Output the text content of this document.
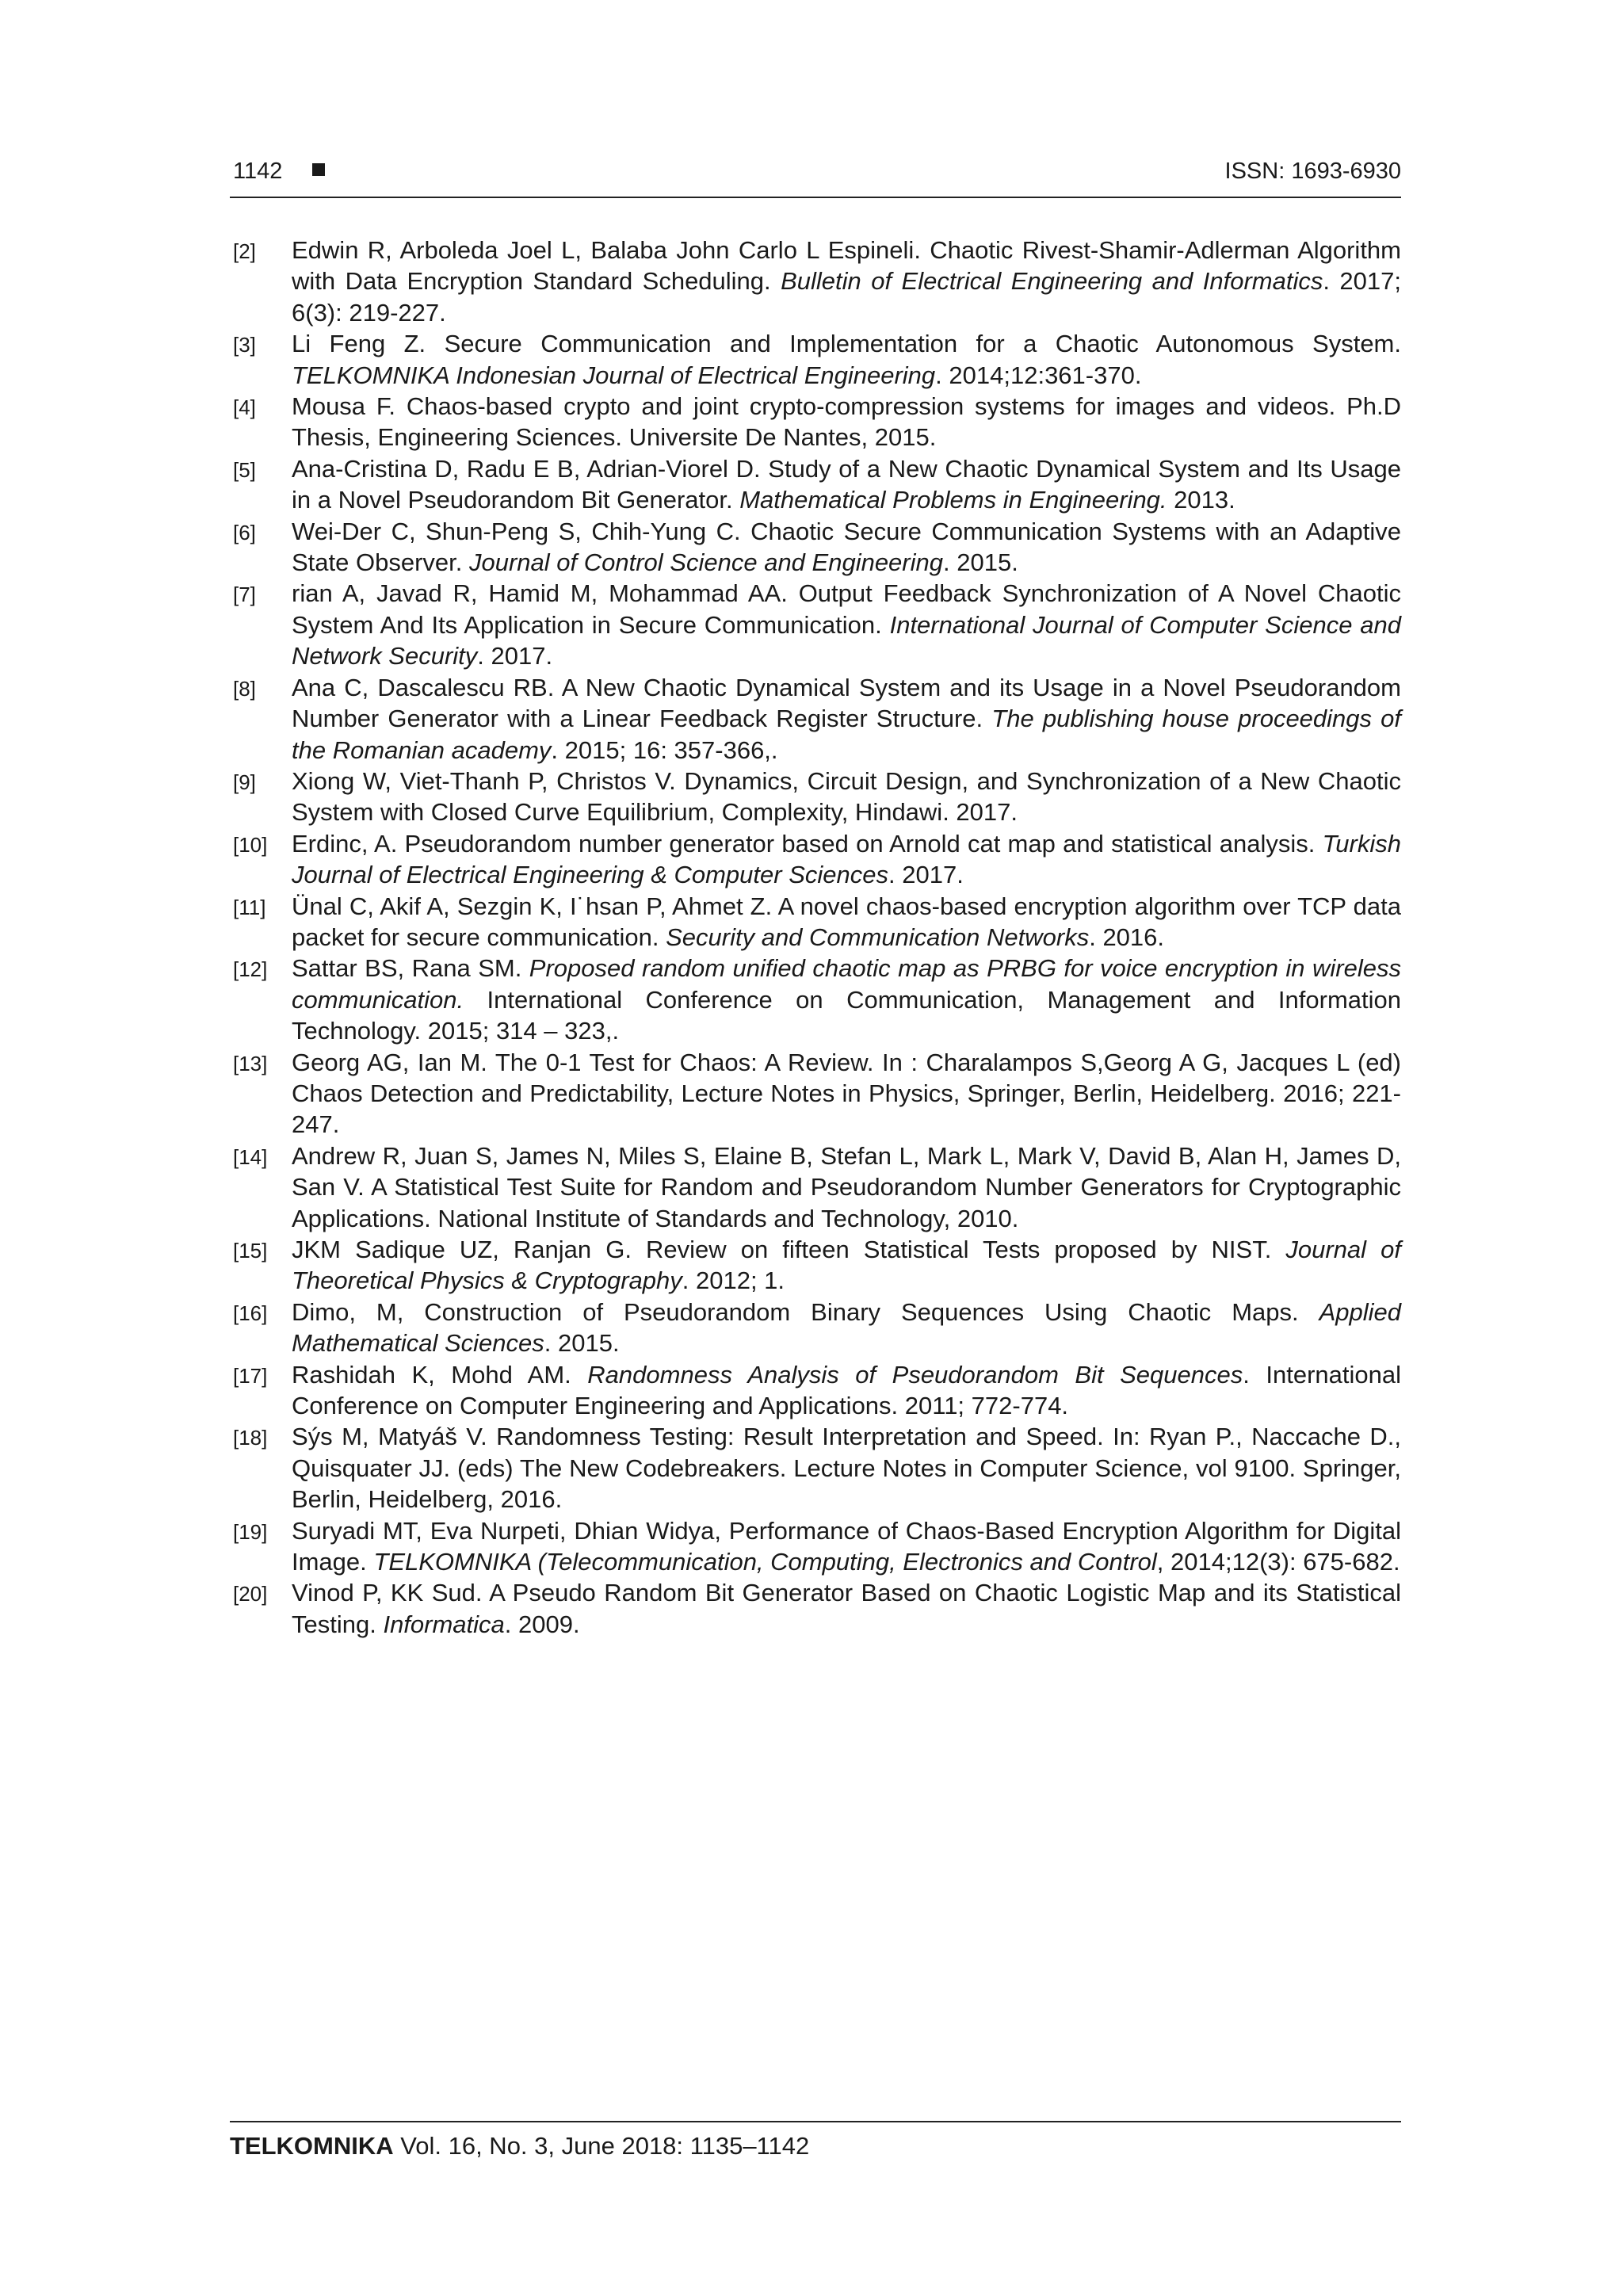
1142	ISSN: 1693-6930
[2] Edwin R, Arboleda Joel L, Balaba John Carlo L Espineli. Chaotic Rivest-Shamir-Adlerman Algorithm with Data Encryption Standard Scheduling. Bulletin of Electrical Engineering and Informatics. 2017; 6(3): 219-227.
[3] Li Feng Z. Secure Communication and Implementation for a Chaotic Autonomous System. TELKOMNIKA Indonesian Journal of Electrical Engineering. 2014;12:361-370.
[4] Mousa F. Chaos-based crypto and joint crypto-compression systems for images and videos. Ph.D Thesis, Engineering Sciences. Universite De Nantes, 2015.
[5] Ana-Cristina D, Radu E B, Adrian-Viorel D. Study of a New Chaotic Dynamical System and Its Usage in a Novel Pseudorandom Bit Generator. Mathematical Problems in Engineering. 2013.
[6] Wei-Der C, Shun-Peng S, Chih-Yung C. Chaotic Secure Communication Systems with an Adaptive State Observer. Journal of Control Science and Engineering. 2015.
[7] rian A, Javad R, Hamid M, Mohammad AA. Output Feedback Synchronization of A Novel Chaotic System And Its Application in Secure Communication. International Journal of Computer Science and Network Security. 2017.
[8] Ana C, Dascalescu RB. A New Chaotic Dynamical System and its Usage in a Novel Pseudorandom Number Generator with a Linear Feedback Register Structure. The publishing house proceedings of the Romanian academy. 2015; 16: 357-366,.
[9] Xiong W, Viet-Thanh P, Christos V. Dynamics, Circuit Design, and Synchronization of a New Chaotic System with Closed Curve Equilibrium, Complexity, Hindawi. 2017.
[10] Erdinc, A. Pseudorandom number generator based on Arnold cat map and statistical analysis. Turkish Journal of Electrical Engineering & Computer Sciences. 2017.
[11] Ünal C, Akif A, Sezgin K, I˙hsan P, Ahmet Z. A novel chaos-based encryption algorithm over TCP data packet for secure communication. Security and Communication Networks. 2016.
[12] Sattar BS, Rana SM. Proposed random unified chaotic map as PRBG for voice encryption in wireless communication. International Conference on Communication, Management and Information Technology. 2015; 314 – 323,.
[13] Georg AG, Ian M. The 0-1 Test for Chaos: A Review. In : Charalampos S,Georg A G, Jacques L (ed) Chaos Detection and Predictability, Lecture Notes in Physics, Springer, Berlin, Heidelberg. 2016; 221-247.
[14] Andrew R, Juan S, James N, Miles S, Elaine B, Stefan L, Mark L, Mark V, David B, Alan H, James D, San V. A Statistical Test Suite for Random and Pseudorandom Number Generators for Cryptographic Applications. National Institute of Standards and Technology, 2010.
[15] JKM Sadique UZ, Ranjan G. Review on fifteen Statistical Tests proposed by NIST. Journal of Theoretical Physics & Cryptography. 2012; 1.
[16] Dimo, M, Construction of Pseudorandom Binary Sequences Using Chaotic Maps. Applied Mathematical Sciences. 2015.
[17] Rashidah K, Mohd AM. Randomness Analysis of Pseudorandom Bit Sequences. International Conference on Computer Engineering and Applications. 2011; 772-774.
[18] Sýs M, Matyáš V. Randomness Testing: Result Interpretation and Speed. In: Ryan P., Naccache D., Quisquater JJ. (eds) The New Codebreakers. Lecture Notes in Computer Science, vol 9100. Springer, Berlin, Heidelberg, 2016.
[19] Suryadi MT, Eva Nurpeti, Dhian Widya, Performance of Chaos-Based Encryption Algorithm for Digital Image. TELKOMNIKA (Telecommunication, Computing, Electronics and Control, 2014;12(3): 675-682.
[20] Vinod P, KK Sud. A Pseudo Random Bit Generator Based on Chaotic Logistic Map and its Statistical Testing. Informatica. 2009.
TELKOMNIKA Vol. 16, No. 3, June 2018: 1135–1142
